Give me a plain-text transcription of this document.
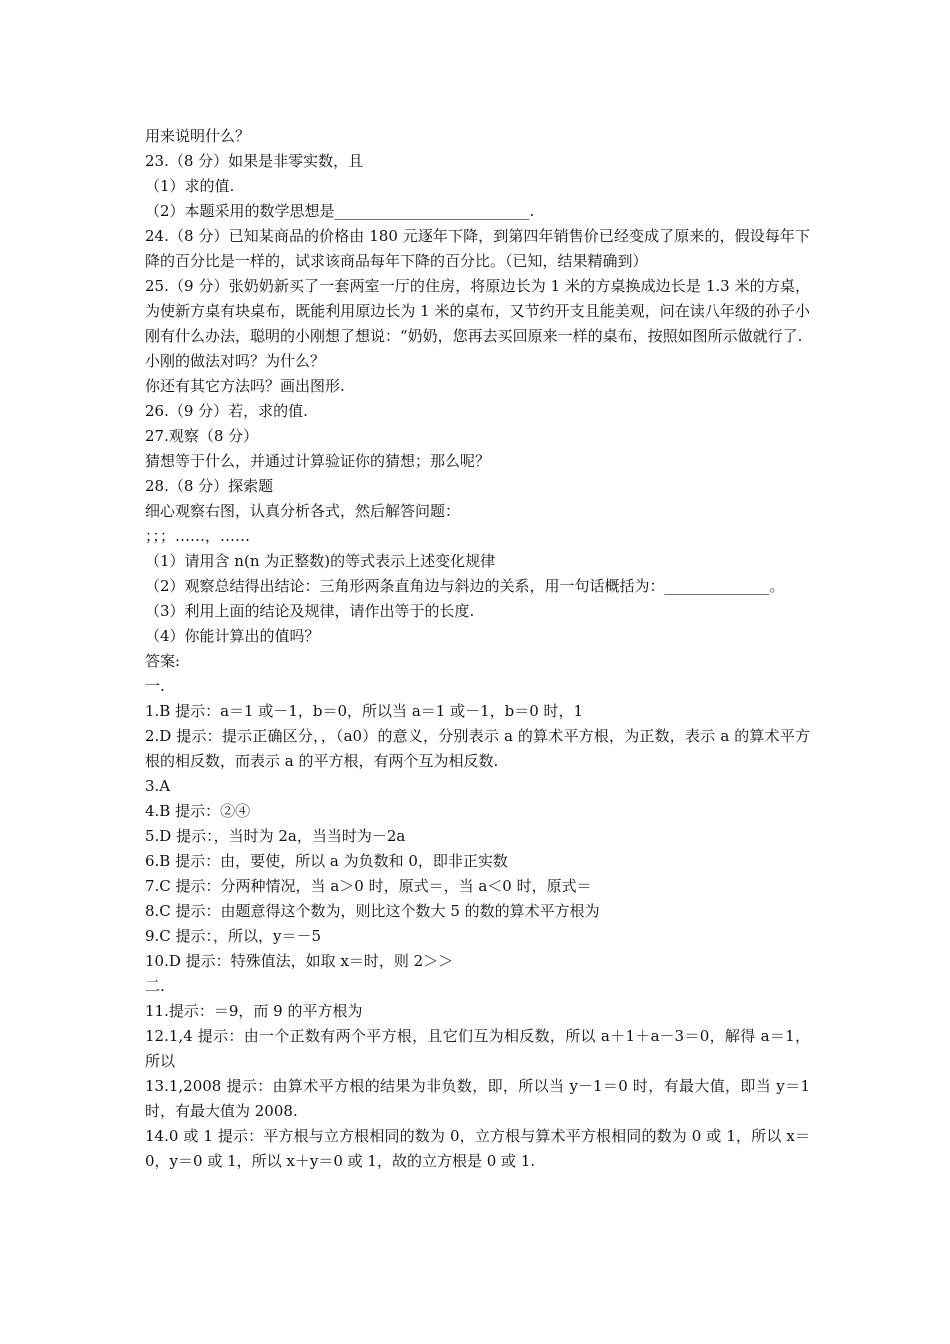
用来说明什么？
23.（8 分）如果是非零实数，且
（1）求的值.
（2）本题采用的数学思想是__________________________.
24.（8 分）已知某商品的价格由 180 元逐年下降，到第四年销售价已经变成了原来的，假设每年下降的百分比是一样的，试求该商品每年下降的百分比。（已知，结果精确到）
25.（9 分）张奶奶新买了一套两室一厅的住房，将原边长为 1 米的方桌换成边长是 1.3 米的方桌，为使新方桌有块桌布，既能利用原边长为 1 米的桌布，又节约开支且能美观，问在读八年级的孙子小刚有什么办法，聪明的小刚想了想说：“奶奶，您再去买回原来一样的桌布，按照如图所示做就行了.
小刚的做法对吗？为什么？
你还有其它方法吗？画出图形.
26.（9 分）若，求的值.
27.观察（8 分）
猜想等于什么，并通过计算验证你的猜想；那么呢？
28.（8 分）探索题
细心观察右图，认真分析各式，然后解答问题：
；；；……，……
（1）请用含 n(n 为正整数)的等式表示上述变化规律
（2）观察总结得出结论：三角形两条直角边与斜边的关系，用一句话概括为：______________。
（3）利用上面的结论及规律，请作出等于的长度.
（4）你能计算出的值吗？
答案:
一.
1.B 提示：a＝1 或－1，b＝0，所以当 a＝1 或－1，b＝0 时，1
2.D 提示：提示正确区分，，（a0）的意义，分别表示 a 的算术平方根，为正数，表示 a 的算术平方根的相反数，而表示 a 的平方根，有两个互为相反数.
3.A
4.B 提示：②④
5.D 提示：，当时为 2a，当当时为－2a
6.B 提示：由，要使，所以 a 为负数和 0，即非正实数
7.C 提示：分两种情况，当 a＞0 时，原式＝，当 a＜0 时，原式＝
8.C 提示：由题意得这个数为，则比这个数大 5 的数的算术平方根为
9.C 提示：，所以，y＝－5
10.D 提示：特殊值法，如取 x＝时，则 2＞＞
二.
11.提示：＝9，而 9 的平方根为
12.1,4 提示：由一个正数有两个平方根，且它们互为相反数，所以 a＋1＋a－3＝0，解得 a＝1，所以
13.1,2008 提示：由算术平方根的结果为非负数，即，所以当 y－1＝0 时，有最大值，即当 y＝1 时，有最大值为 2008.
14.0 或 1 提示：平方根与立方根相同的数为 0，立方根与算术平方根相同的数为 0 或 1，所以 x＝0，y＝0 或 1，所以 x＋y＝0 或 1，故的立方根是 0 或 1.
